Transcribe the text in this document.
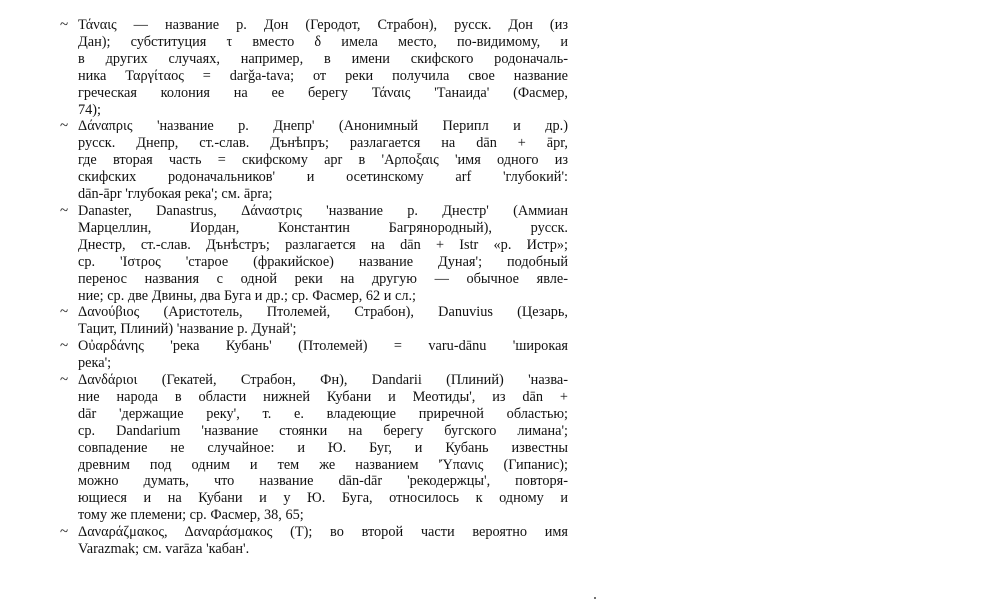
~ Τάναις — название р. Дон (Геродот, Страбон), русск. Дон (из
Дан); субституция τ вместо δ имела место, по-видимому, и
в других случаях, например, в имени скифского родоначаль-
ника Ταργίταος = darǧa-tava; от реки получила свое название
греческая колония на ее берегу Τάναις 'Танаида' (Фасмер,
74);
~ Δάναπρις 'название р. Днепр' (Анонимный Перипл и др.)
русск. Днепр, ст.-слав. Дънѣпръ; разлагается на dān + āpr,
где вторая часть = скифскому apr в 'Αρποξαις 'имя одного из
скифских родоначальников' и осетинскому arf 'глубокий':
dān-āpr 'глубокая река'; см. āpra;
~ Danaster, Danastrus, Δάναστρις 'название р. Днестр' (Аммиан
Марцеллин, Иордан, Константин Багрянородный), русск.
Днестр, ст.-слав. Дънѣстръ; разлагается на dān + Istr «р. Истр»;
ср. 'Ιστρος 'старое (фракийское) название Дуная'; подобный
перенос названия с одной реки на другую — обычное явле-
ние; ср. две Двины, два Буга и др.; ср. Фасмер, 62 и сл.;
~ Δανούβιος (Аристотель, Птолемей, Страбон), Danuvius (Цезарь,
Тацит, Плиний) 'название р. Дунай';
~ Οὐαρδάνης 'река Кубань' (Птолемей) = varu-dānu 'широкая
река';
~ Δανδάριοι (Гекатей, Страбон, Фн), Dandarii (Плиний) 'назва-
ние народа в области нижней Кубани и Меотиды', из dān +
dār 'держащие реку', т. е. владеющие приречной областью;
ср. Dandarium 'название стоянки на берегу бугского лимана';
совпадение не случайное: и Ю. Буг, и Кубань известны
древним под одним и тем же названием 'Ύπανις (Гипанис);
можно думать, что название dān-dār 'рекодержцы', повторя-
ющиеся и на Кубани и у Ю. Буга, относилось к одному и
тому же племени; ср. Фасмер, 38, 65;
~ Δαναράζμακος, Δαναράσμακος (Т); во второй части вероятно имя
Varazmak; см. varāza 'кабан'.
